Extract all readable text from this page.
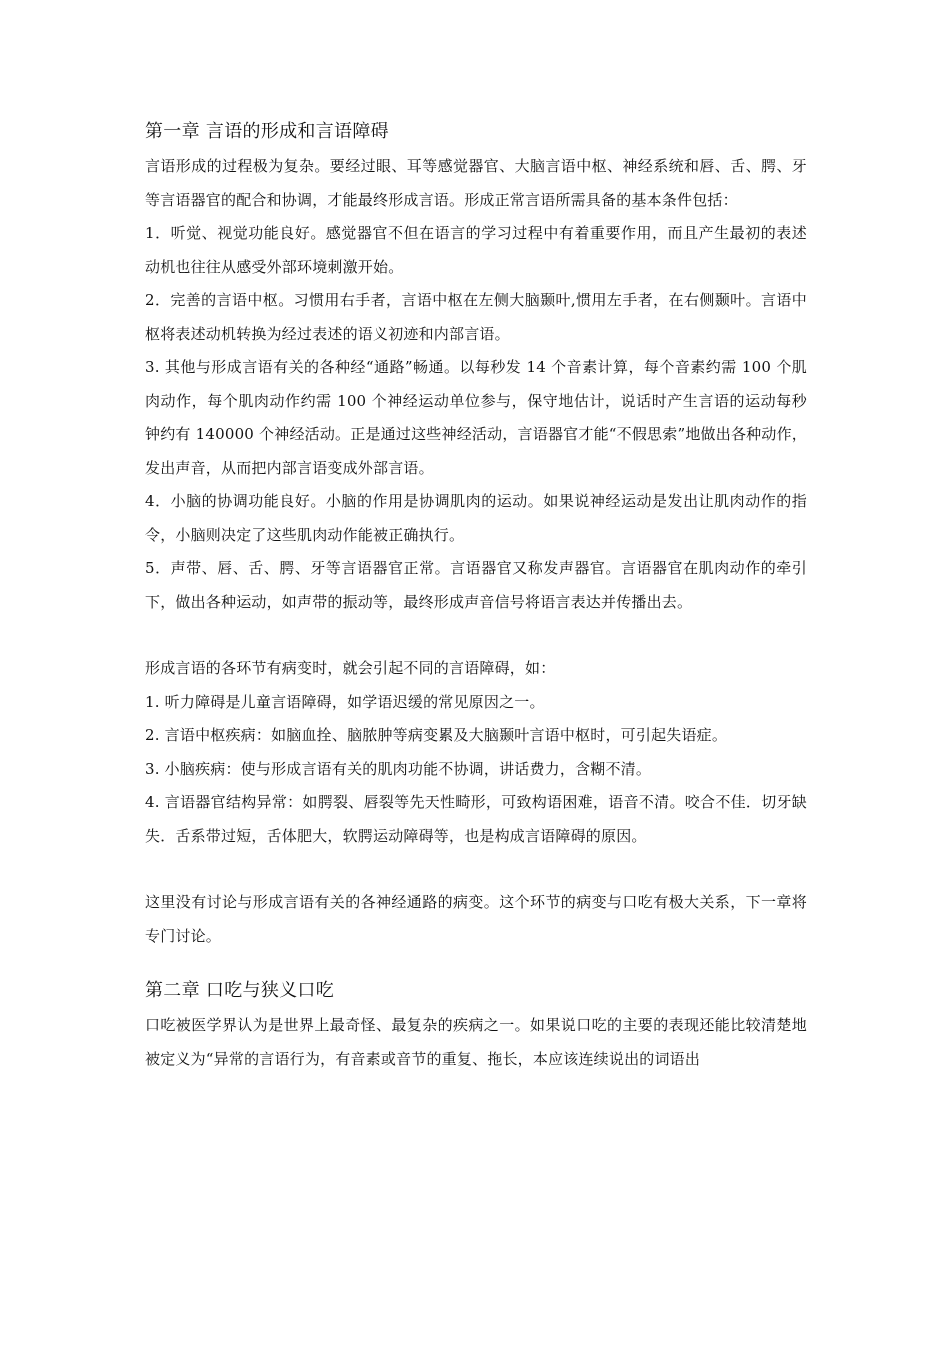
第一章 言语的形成和言语障碍

言语形成的过程极为复杂。要经过眼、耳等感觉器官、大脑言语中枢、神经系统和唇、舌、腭、牙等言语器官的配合和协调，才能最终形成言语。形成正常言语所需具备的基本条件包括：

1．听觉、视觉功能良好。感觉器官不但在语言的学习过程中有着重要作用，而且产生最初的表述动机也往往从感受外部环境刺激开始。

2．完善的言语中枢。习惯用右手者，言语中枢在左侧大脑颞叶,惯用左手者，在右侧颞叶。言语中枢将表述动机转换为经过表述的语义初迹和内部言语。

3. 其他与形成言语有关的各种经“通路”畅通。以每秒发 14 个音素计算，每个音素约需 100 个肌肉动作，每个肌肉动作约需 100 个神经运动单位参与，保守地估计，说话时产生言语的运动每秒钟约有 140000 个神经活动。正是通过这些神经活动，言语器官才能“不假思索”地做出各种动作，发出声音，从而把内部言语变成外部言语。

4．小脑的协调功能良好。小脑的作用是协调肌肉的运动。如果说神经运动是发出让肌肉动作的指令，小脑则决定了这些肌肉动作能被正确执行。

5．声带、唇、舌、腭、牙等言语器官正常。言语器官又称发声器官。言语器官在肌肉动作的牵引下，做出各种运动，如声带的振动等，最终形成声音信号将语言表达并传播出去。

形成言语的各环节有病变时，就会引起不同的言语障碍，如：

1. 听力障碍是儿童言语障碍，如学语迟缓的常见原因之一。

2. 言语中枢疾病：如脑血拴、脑脓肿等病变累及大脑颞叶言语中枢时，可引起失语症。

3. 小脑疾病：使与形成言语有关的肌肉功能不协调，讲话费力，含糊不清。

4. 言语器官结构异常：如腭裂、唇裂等先天性畸形，可致构语困难，语音不清。咬合不佳．切牙缺失．舌系带过短，舌体肥大，软腭运动障碍等，也是构成言语障碍的原因。

这里没有讨论与形成言语有关的各神经通路的病变。这个环节的病变与口吃有极大关系，下一章将专门讨论。

第二章 口吃与狭义口吃

口吃被医学界认为是世界上最奇怪、最复杂的疾病之一。如果说口吃的主要的表现还能比较清楚地被定义为“异常的言语行为，有音素或音节的重复、拖长，本应该连续说出的词语出
